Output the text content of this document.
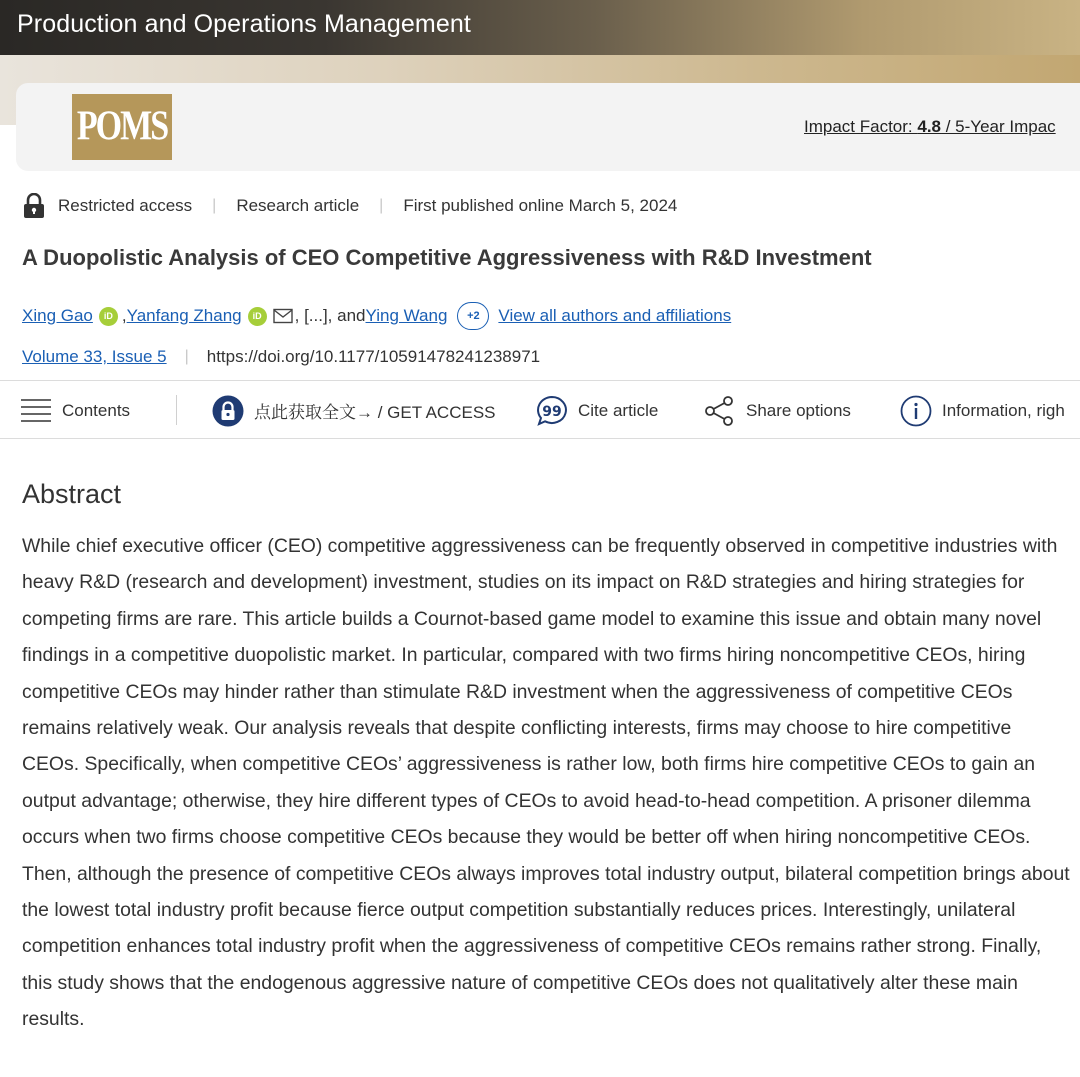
Production and Operations Management
POMS	Impact Factor: 4.8 / 5-Year Impac
Restricted access | Research article | First published online March 5, 2024
A Duopolistic Analysis of CEO Competitive Aggressiveness with R&D Investment
Xing Gao	iD , Yanfang Zhang	iD , [...], and Ying Wang	+2	View all authors and affiliations
Volume 33, Issue 5 | https://doi.org/10.1177/10591478241238971
Contents	点此获取全文→ / GET ACCESS	99 Cite article	Share options	Information, righ
Abstract

While chief executive officer (CEO) competitive aggressiveness can be frequently observed in competitive industries with heavy R&D (research and development) investment, studies on its impact on R&D strategies and hiring strategies for competing firms are rare. This article builds a Cournot-based game model to examine this issue and obtain many novel findings in a competitive duopolistic market. In particular, compared with two firms hiring noncompetitive CEOs, hiring competitive CEOs may hinder rather than stimulate R&D investment when the aggressiveness of competitive CEOs remains relatively weak. Our analysis reveals that despite conflicting interests, firms may choose to hire competitive CEOs. Specifically, when competitive CEOs’ aggressiveness is rather low, both firms hire competitive CEOs to gain an output advantage; otherwise, they hire different types of CEOs to avoid head-to-head competition. A prisoner dilemma occurs when two firms choose competitive CEOs because they would be better off when hiring noncompetitive CEOs. Then, although the presence of competitive CEOs always improves total industry output, bilateral competition brings about the lowest total industry profit because fierce output competition substantially reduces prices. Interestingly, unilateral competition enhances total industry profit when the aggressiveness of competitive CEOs remains rather strong. Finally, this study shows that the endogenous aggressive nature of competitive CEOs does not qualitatively alter these main results.
